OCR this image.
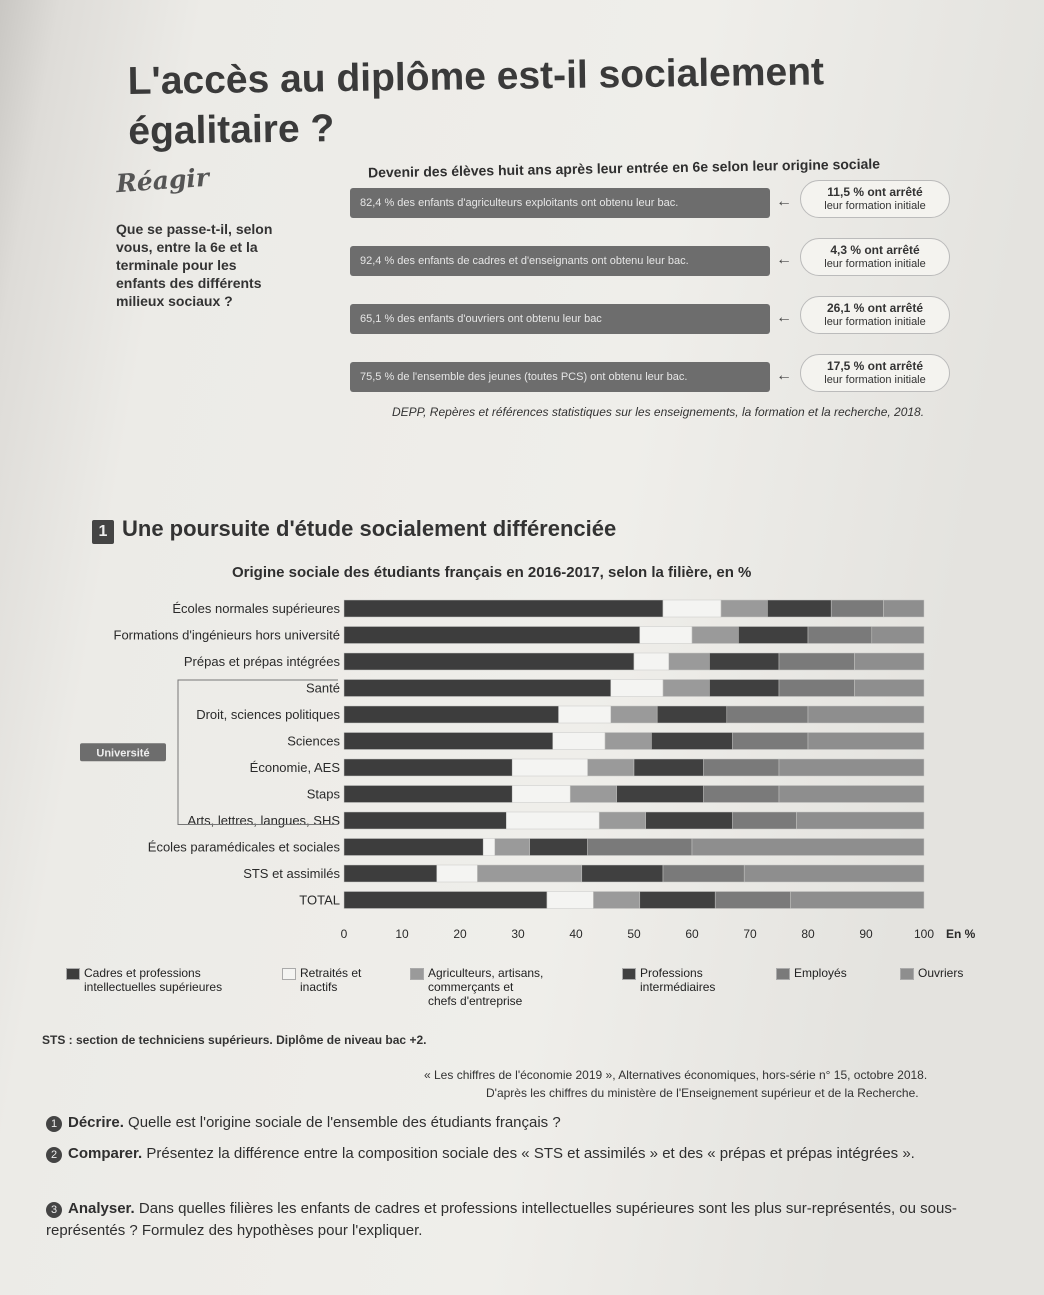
L'accès au diplôme est-il socialement égalitaire ?
Réagir
Que se passe-t-il, selon vous, entre la 6e et la terminale pour les enfants des différents milieux sociaux ?
Devenir des élèves huit ans après leur entrée en 6e selon leur origine sociale
82,4 % des enfants d'agriculteurs exploitants ont obtenu leur bac.	←
11,5 % ont arrêté
leur formation initiale
92,4 % des enfants de cadres et d'enseignants ont obtenu leur bac.	←
4,3 % ont arrêté
leur formation initiale
65,1 % des enfants d'ouvriers ont obtenu leur bac	←
26,1 % ont arrêté
leur formation initiale
75,5 % de l'ensemble des jeunes (toutes PCS) ont obtenu leur bac.	←
17,5 % ont arrêté
leur formation initiale
DEPP, Repères et références statistiques sur les enseignements, la formation et la recherche, 2018.
1 Une poursuite d'étude socialement différenciée
Origine sociale des étudiants français en 2016-2017, selon la filière, en %
Écoles normales supérieures
Formations d'ingénieurs hors université
Prépas et prépas intégrées
Santé
Droit, sciences politiques
Sciences
Économie, AES
Staps
Arts, lettres, langues, SHS
Écoles paramédicales et sociales
STS et assimilés
TOTAL
Université
0	10	20	30	40	50	60	70	80	90	100 En %
Cadres et professions
intellectuelles supérieures
Retraités et
inactifs
Agriculteurs, artisans,
commerçants et
chefs d'entreprise
Professions
intermédiaires
Employés	Ouvriers
STS : section de techniciens supérieurs. Diplôme de niveau bac +2.
« Les chiffres de l'économie 2019 », Alternatives économiques, hors-série n° 15, octobre 2018.
D'après les chiffres du ministère de l'Enseignement supérieur et de la Recherche.
1 Décrire. Quelle est l'origine sociale de l'ensemble des étudiants français ?
2 Comparer. Présentez la différence entre la composition sociale des « STS et assimilés » et des « prépas et prépas intégrées ».
3 Analyser. Dans quelles filières les enfants de cadres et professions intellectuelles supérieures sont les plus sur-représentés, ou sous-représentés ? Formulez des hypothèses pour l'expliquer.
